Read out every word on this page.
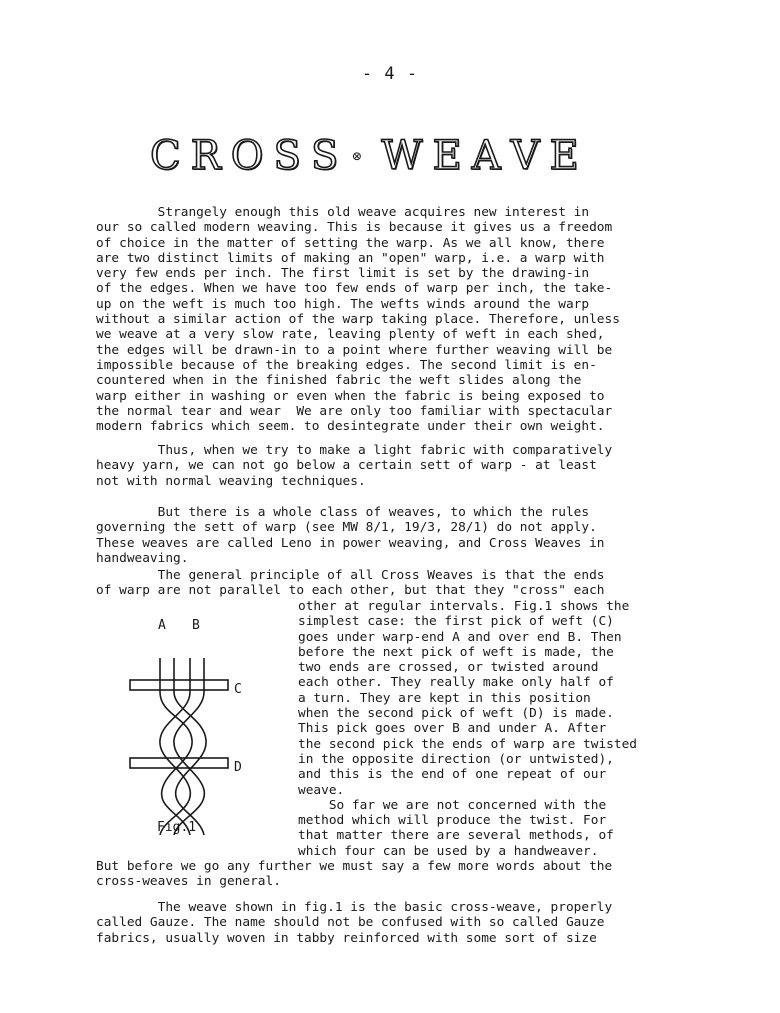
- 4 -
C R O S S ⊗ W E A V E
Strangely enough this old weave acquires new interest in
our so called modern weaving. This is because it gives us a freedom
of choice in the matter of setting the warp. As we all know, there
are two distinct limits of making an "open" warp, i.e. a warp with
very few ends per inch. The first limit is set by the drawing-in
of the edges. When we have too few ends of warp per inch, the take-
up on the weft is much too high. The wefts winds around the warp
without a similar action of the warp taking place. Therefore, unless
we weave at a very slow rate, leaving plenty of weft in each shed,
the edges will be drawn-in to a point where further weaving will be
impossible because of the breaking edges. The second limit is en-
countered when in the finished fabric the weft slides along the
warp either in washing or even when the fabric is being exposed to
the normal tear and wear  We are only too familiar with spectacular
modern fabrics which seem. to desintegrate under their own weight.
Thus, when we try to make a light fabric with comparatively
heavy yarn, we can not go below a certain sett of warp - at least
not with normal weaving techniques.
But there is a whole class of weaves, to which the rules
governing the sett of warp (see MW 8/1, 19/3, 28/1) do not apply.
These weaves are called Leno in power weaving, and Cross Weaves in
handweaving.
The general principle of all Cross Weaves is that the ends
of warp are not parallel to each other, but that they "cross" each
other at regular intervals. Fig.1 shows the
simplest case: the first pick of weft (C)
goes under warp-end A and over end B. Then
before the next pick of weft is made, the
two ends are crossed, or twisted around
each other. They really make only half of
a turn. They are kept in this position
when the second pick of weft (D) is made.
This pick goes over B and under A. After
the second pick the ends of warp are twisted
in the opposite direction (or untwisted),
and this is the end of one repeat of our
weave.
So far we are not concerned with the
method which will produce the twist. For
that matter there are several methods, of
which four can be used by a handweaver.
A B
C
D
Fig.1
But before we go any further we must say a few more words about the
cross-weaves in general.
The weave shown in fig.1 is the basic cross-weave, properly
called Gauze. The name should not be confused with so called Gauze
fabrics, usually woven in tabby reinforced with some sort of size
